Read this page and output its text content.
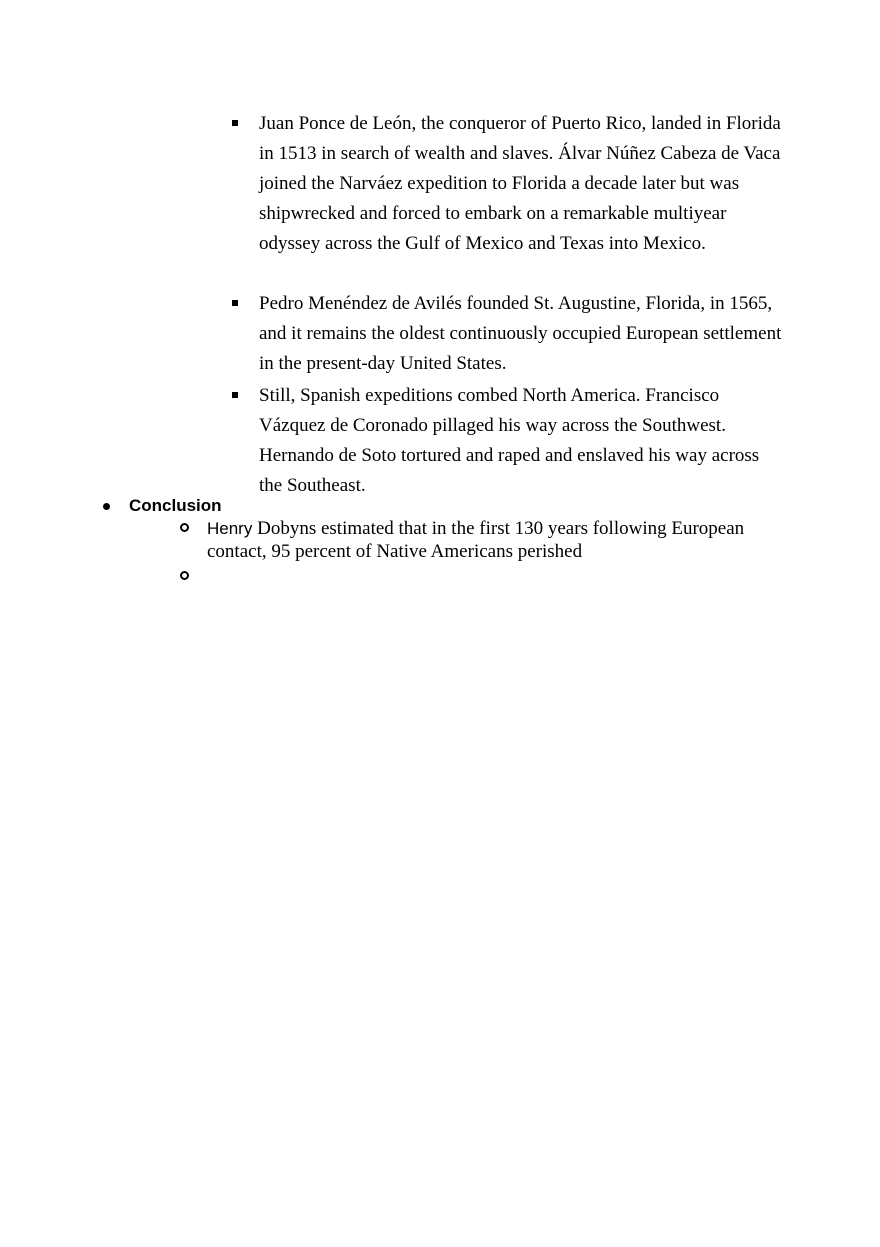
Juan Ponce de León, the conqueror of Puerto Rico, landed in Florida in 1513 in search of wealth and slaves. Álvar Núñez Cabeza de Vaca joined the Narváez expedition to Florida a decade later but was shipwrecked and forced to embark on a remarkable multiyear odyssey across the Gulf of Mexico and Texas into Mexico.
Pedro Menéndez de Avilés founded St. Augustine, Florida, in 1565, and it remains the oldest continuously occupied European settlement in the present-day United States.
Still, Spanish expeditions combed North America. Francisco Vázquez de Coronado pillaged his way across the Southwest. Hernando de Soto tortured and raped and enslaved his way across the Southeast.
Conclusion
Henry Dobyns estimated that in the first 130 years following European contact, 95 percent of Native Americans perished
